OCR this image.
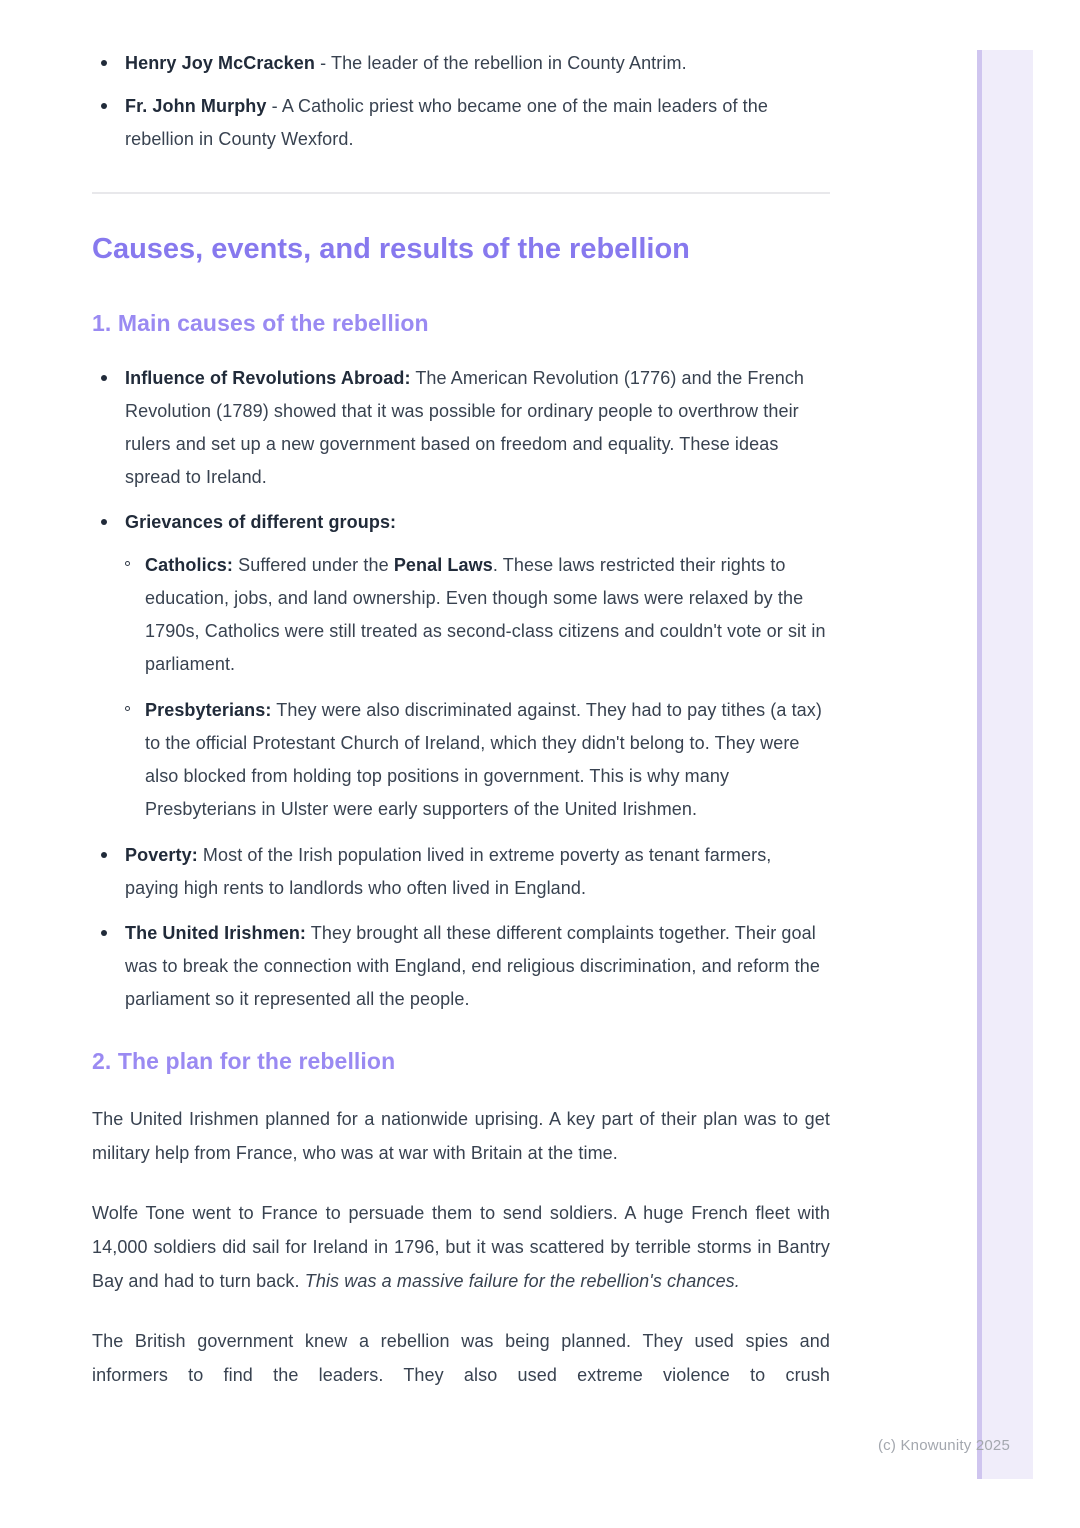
Henry Joy McCracken - The leader of the rebellion in County Antrim.
Fr. John Murphy - A Catholic priest who became one of the main leaders of the rebellion in County Wexford.
Causes, events, and results of the rebellion
1. Main causes of the rebellion
Influence of Revolutions Abroad: The American Revolution (1776) and the French Revolution (1789) showed that it was possible for ordinary people to overthrow their rulers and set up a new government based on freedom and equality. These ideas spread to Ireland.
Grievances of different groups:
Catholics: Suffered under the Penal Laws. These laws restricted their rights to education, jobs, and land ownership. Even though some laws were relaxed by the 1790s, Catholics were still treated as second-class citizens and couldn't vote or sit in parliament.
Presbyterians: They were also discriminated against. They had to pay tithes (a tax) to the official Protestant Church of Ireland, which they didn't belong to. They were also blocked from holding top positions in government. This is why many Presbyterians in Ulster were early supporters of the United Irishmen.
Poverty: Most of the Irish population lived in extreme poverty as tenant farmers, paying high rents to landlords who often lived in England.
The United Irishmen: They brought all these different complaints together. Their goal was to break the connection with England, end religious discrimination, and reform the parliament so it represented all the people.
2. The plan for the rebellion

The United Irishmen planned for a nationwide uprising. A key part of their plan was to get military help from France, who was at war with Britain at the time.

Wolfe Tone went to France to persuade them to send soldiers. A huge French fleet with 14,000 soldiers did sail for Ireland in 1796, but it was scattered by terrible storms in Bantry Bay and had to turn back. This was a massive failure for the rebellion's chances.

The British government knew a rebellion was being planned. They used spies and informers to find the leaders. They also used extreme violence to crush

(c) Knowunity 2025
